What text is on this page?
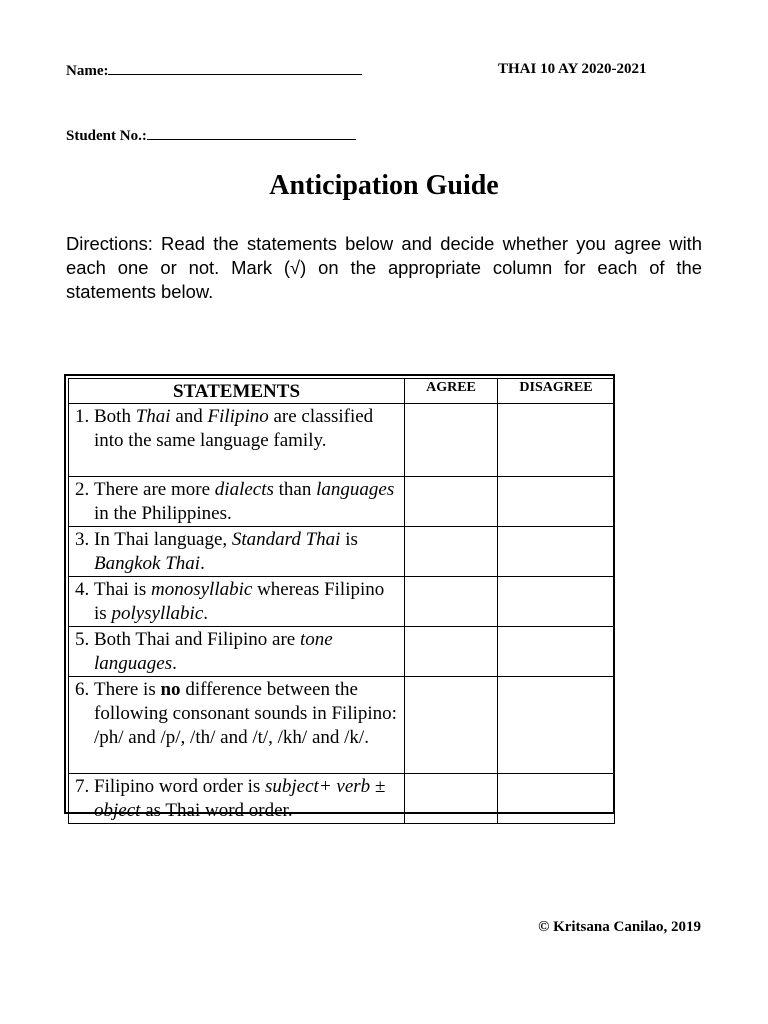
Name:	THAI 10 AY 2020-2021
Student No.:
Anticipation Guide
Directions: Read the statements below and decide whether you agree with each one or not. Mark (√) on the appropriate column for each of the statements below.
STATEMENTS	AGREE	DISAGREE

1. Both Thai and Filipino are classified into the same language family.		

2. There are more dialects than languages in the Philippines.		

3. In Thai language, Standard Thai is Bangkok Thai.		

4. Thai is monosyllabic whereas Filipino is polysyllabic.		

5. Both Thai and Filipino are tone languages.		

6. There is no difference between the following consonant sounds in Filipino: /ph/ and /p/, /th/ and /t/, /kh/ and /k/.		

7. Filipino word order is subject+ verb ± object as Thai word order.		

© Kritsana Canilao, 2019
